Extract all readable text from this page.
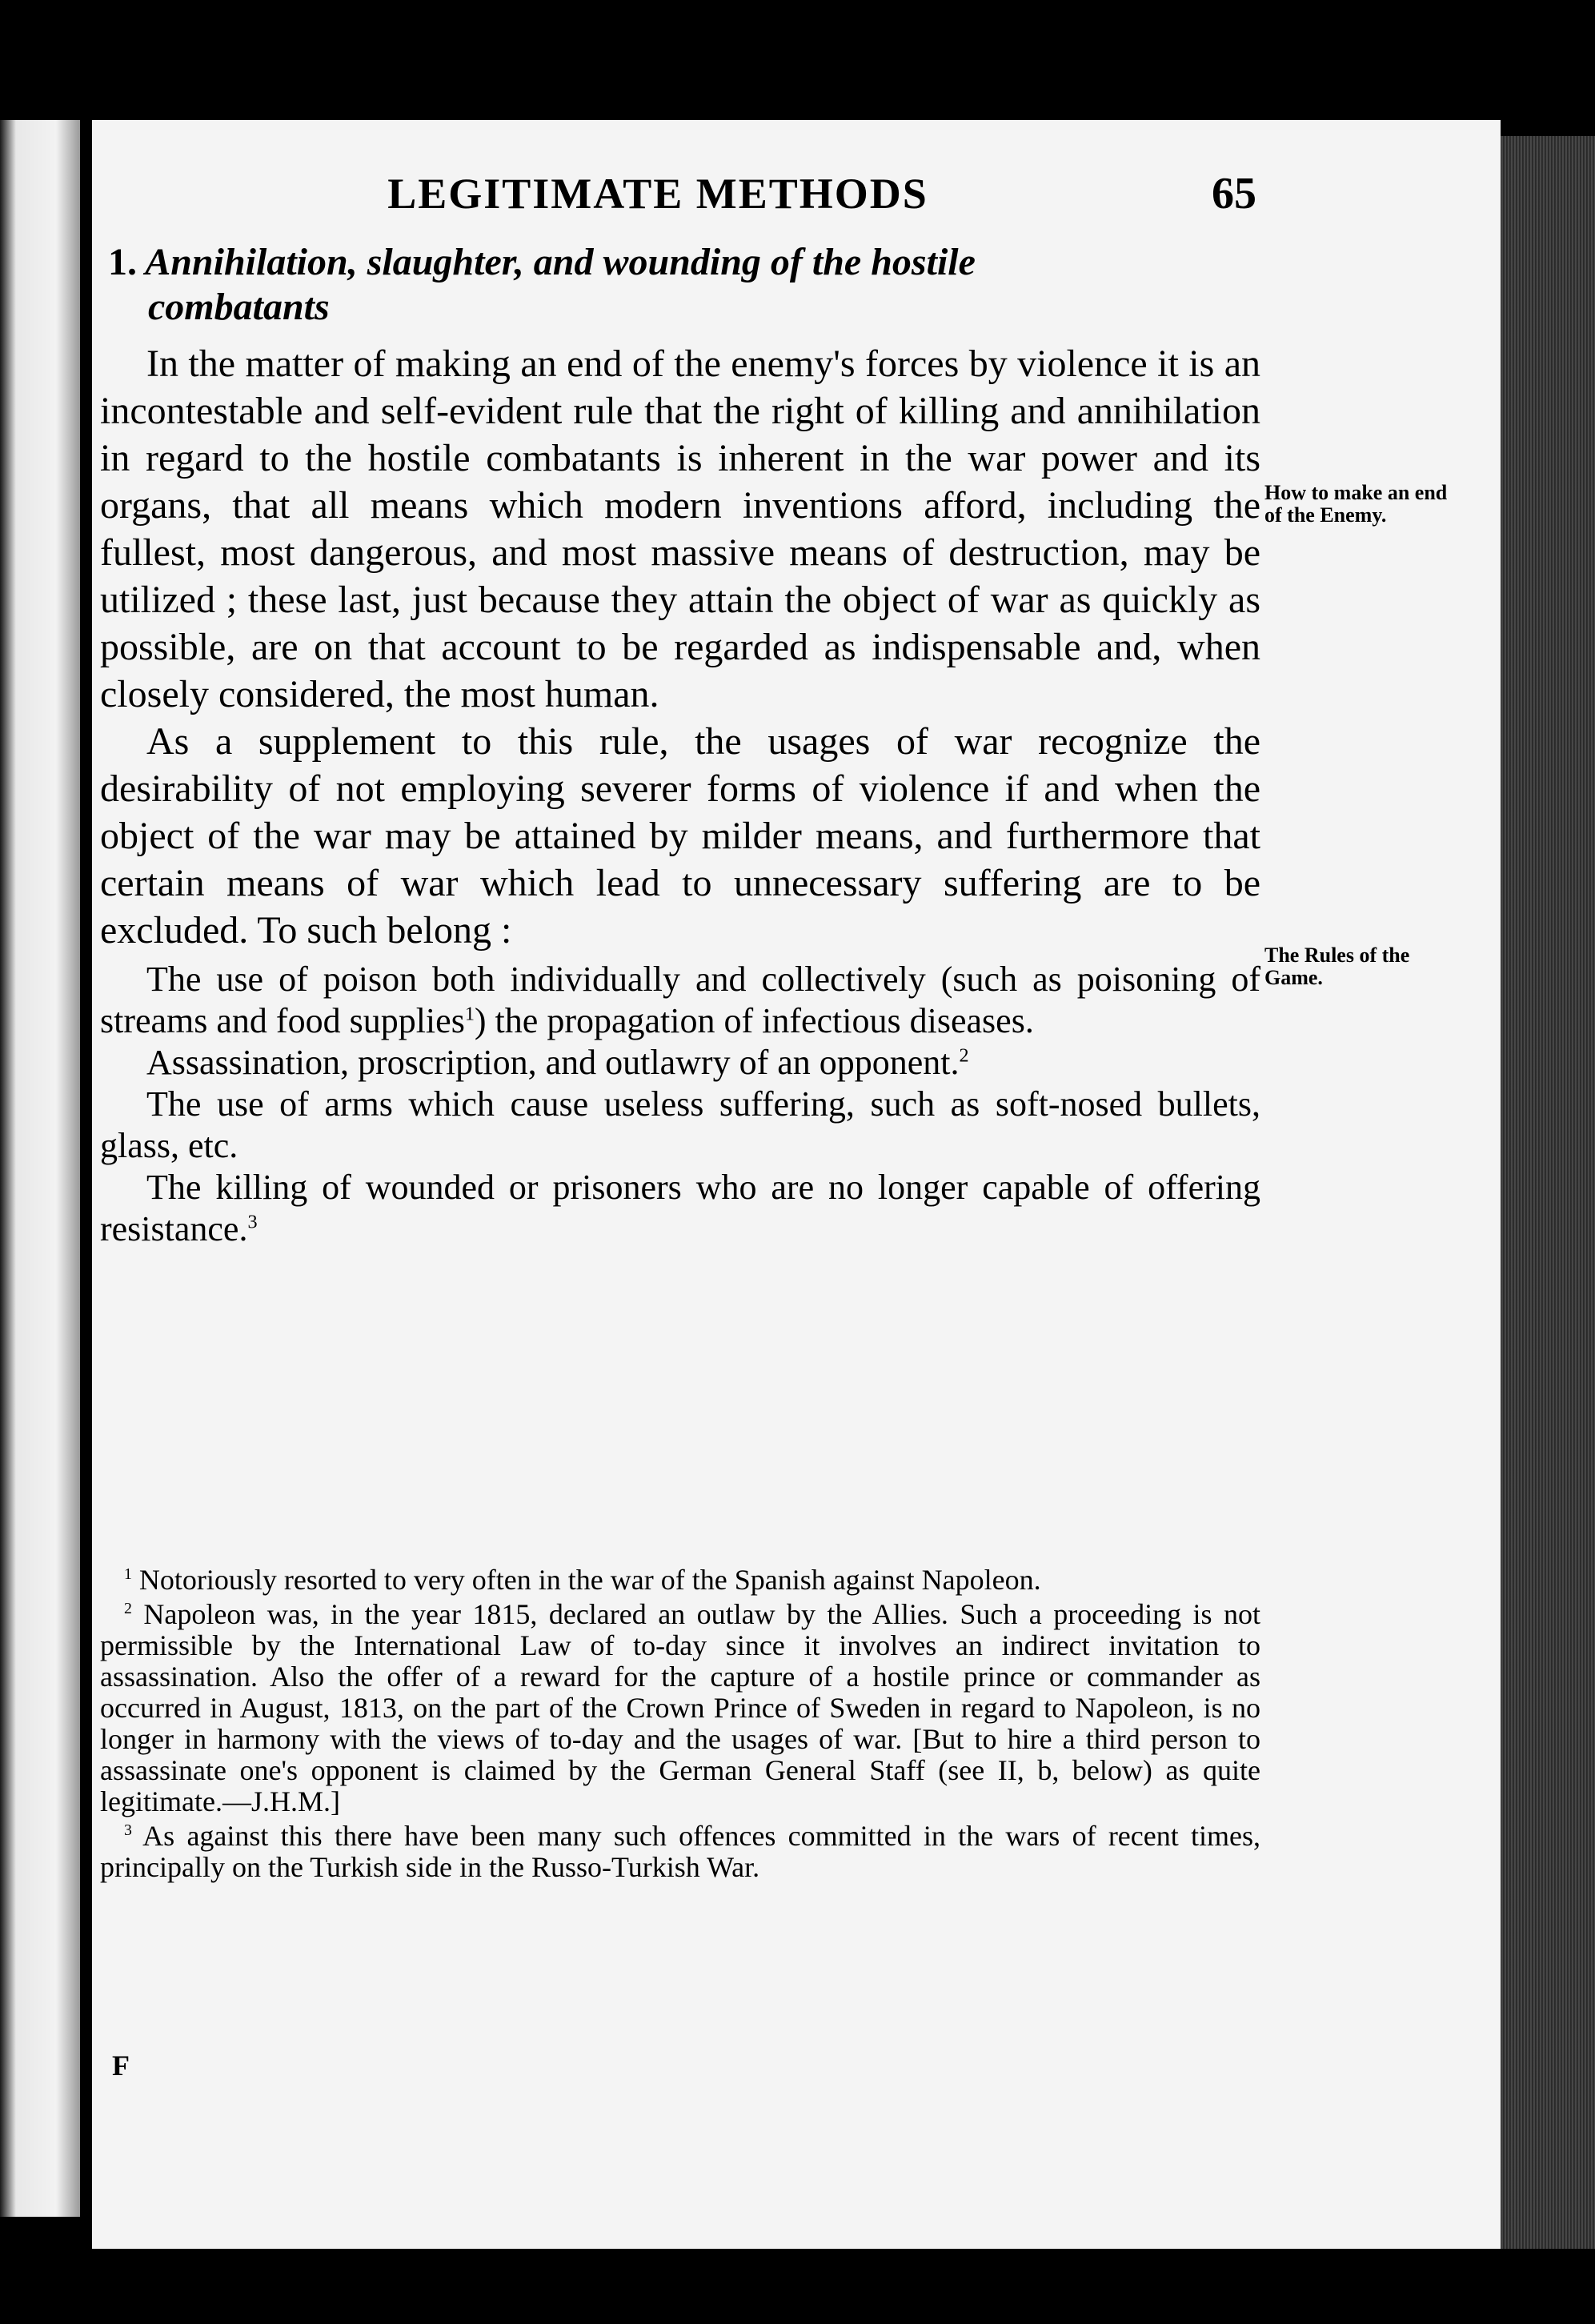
LEGITIMATE METHODS	65
1. Annihilation, slaughter, and wounding of the hostile
combatants

In the matter of making an end of the enemy's forces by violence it is an incontestable and self-evident rule that the right of killing and annihilation in regard to the hostile combatants is inherent in the war power and its organs, that all means which modern inventions afford, including the fullest, most dangerous, and most massive means of destruction, may be utilized ; these last, just because they attain the object of war as quickly as possible, are on that account to be regarded as indispensable and, when closely considered, the most human.

As a supplement to this rule, the usages of war recognize the desirability of not employing severer forms of violence if and when the object of the war may be attained by milder means, and furthermore that certain means of war which lead to unnecessary suffering are to be excluded. To such belong :

The use of poison both individually and collectively (such as poisoning of streams and food supplies$^1$) the propagation of infectious diseases.

Assassination, proscription, and outlawry of an opponent.$^2$

The use of arms which cause useless suffering, such as soft-nosed bullets, glass, etc.

The killing of wounded or prisoners who are no longer capable of offering resistance.$^3$

How to make an end of the Enemy.
The Rules of the Game.

$^1$ Notoriously resorted to very often in the war of the Spanish against Napoleon.

$^2$ Napoleon was, in the year 1815, declared an outlaw by the Allies. Such a proceeding is not permissible by the International Law of to-day since it involves an indirect invitation to assassination. Also the offer of a reward for the capture of a hostile prince or commander as occurred in August, 1813, on the part of the Crown Prince of Sweden in regard to Napoleon, is no longer in harmony with the views of to-day and the usages of war. [But to hire a third person to assassinate one's opponent is claimed by the German General Staff (see II, b, below) as quite legitimate.—J.H.M.]

$^3$ As against this there have been many such offences committed in the wars of recent times, principally on the Turkish side in the Russo-Turkish War.

F
